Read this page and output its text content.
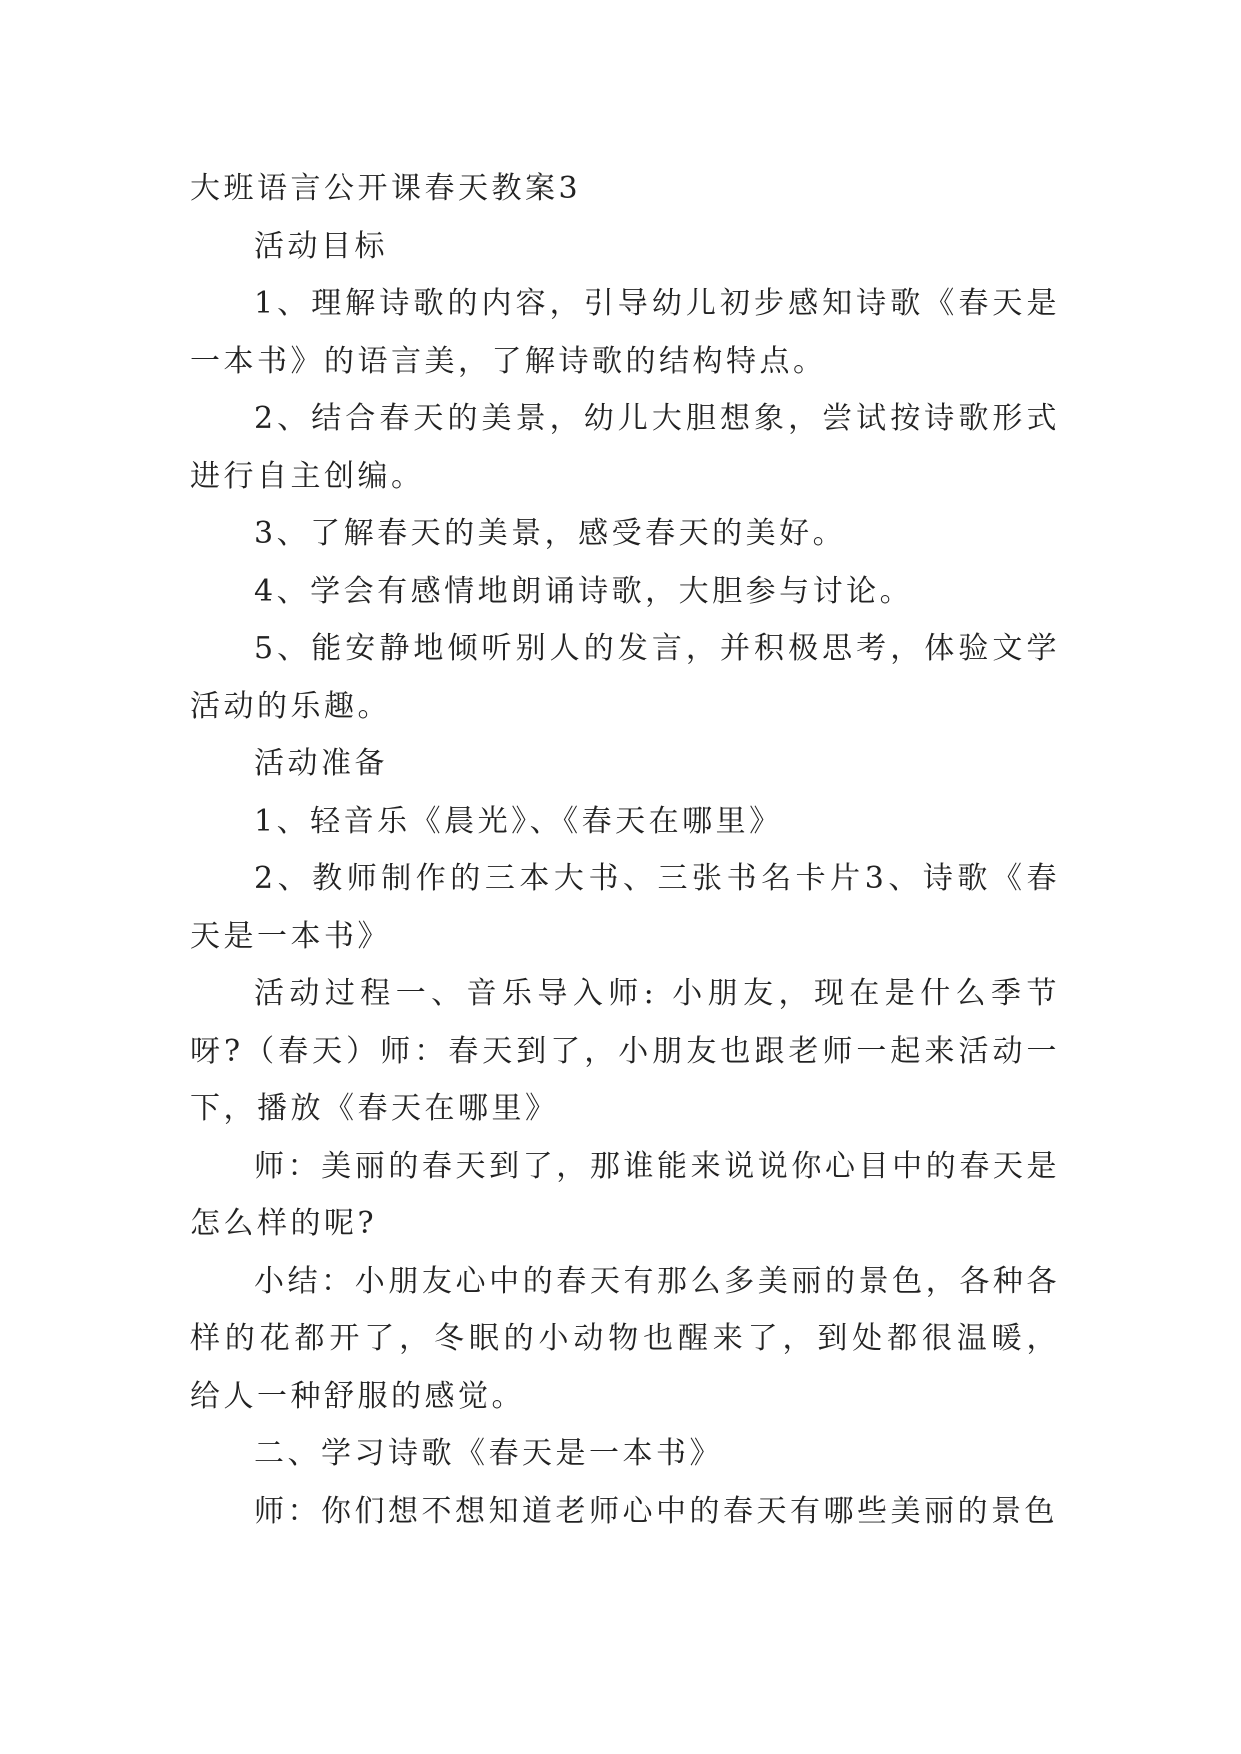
大班语言公开课春天教案3

活动目标

1、理解诗歌的内容，引导幼儿初步感知诗歌《春天是一本书》的语言美，了解诗歌的结构特点。

2、结合春天的美景，幼儿大胆想象，尝试按诗歌形式进行自主创编。

3、了解春天的美景，感受春天的美好。

4、学会有感情地朗诵诗歌，大胆参与讨论。

5、能安静地倾听别人的发言，并积极思考，体验文学活动的乐趣。

活动准备

1、轻音乐《晨光》、《春天在哪里》

2、教师制作的三本大书、三张书名卡片3、诗歌《春天是一本书》

活动过程一、音乐导入师: 小朋友，现在是什么季节呀?（春天）师：春天到了，小朋友也跟老师一起来活动一下，播放《春天在哪里》

师：美丽的春天到了，那谁能来说说你心目中的春天是怎么样的呢?

小结：小朋友心中的春天有那么多美丽的景色，各种各样的花都开了，冬眠的小动物也醒来了，到处都很温暖，给人一种舒服的感觉。

二、学习诗歌《春天是一本书》

师：你们想不想知道老师心中的春天有哪些美丽的景色
